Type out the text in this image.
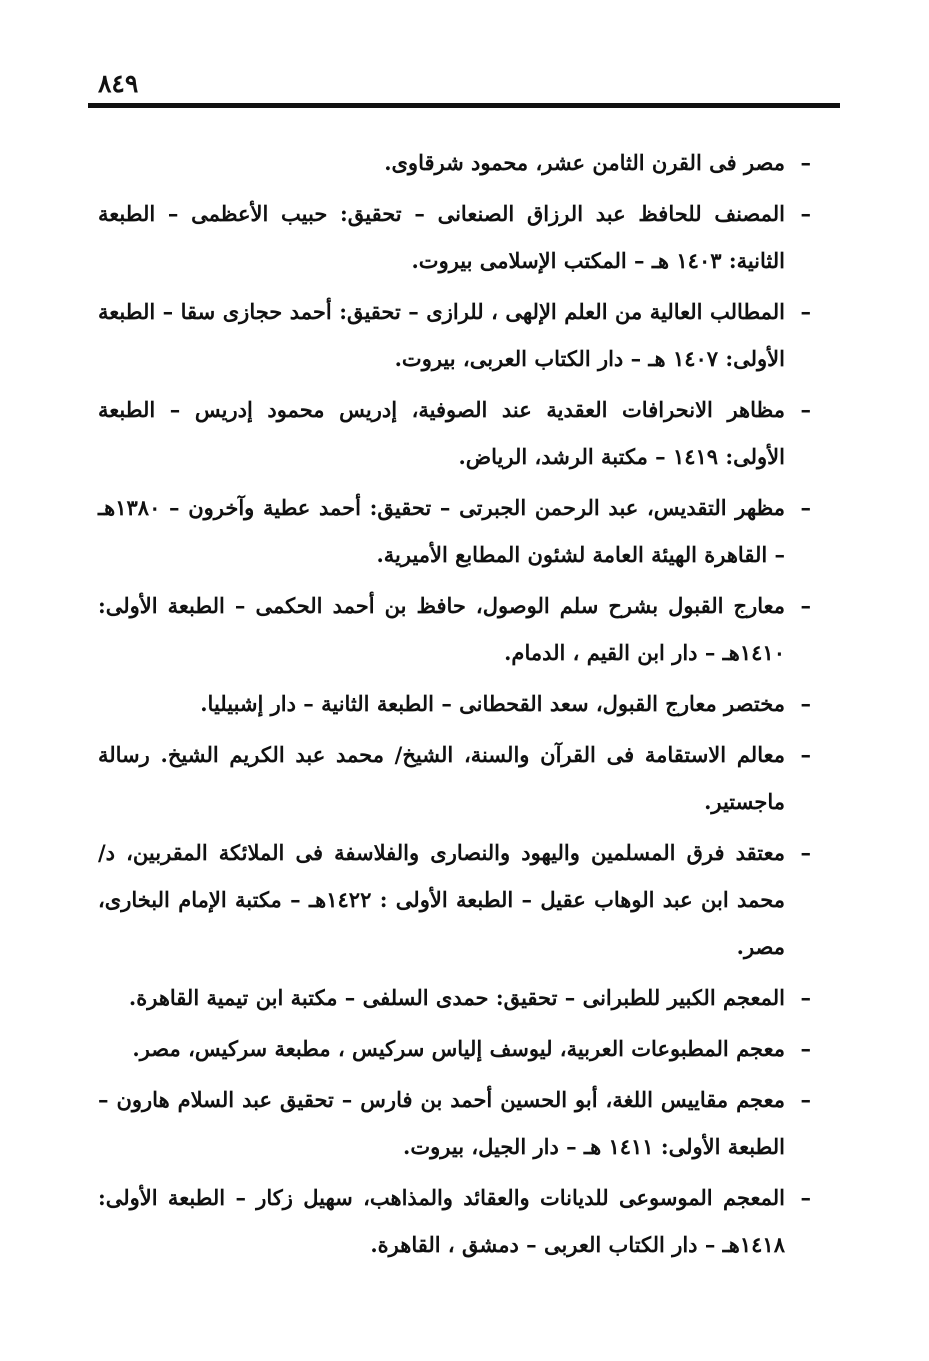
٨٤٩
–
مصر فى القرن الثامن عشر، محمود شرقاوى.
–
المصنف للحافظ عبد الرزاق الصنعانى – تحقيق: حبيب الأعظمى – الطبعة الثانية: ١٤٠٣ هـ – المكتب الإسلامى بيروت.
–
المطالب العالية من العلم الإلهى ، للرازى – تحقيق: أحمد حجازى سقا – الطبعة الأولى: ١٤٠٧ هـ – دار الكتاب العربى، بيروت.
–
مظاهر الانحرافات العقدية عند الصوفية، إدريس محمود إدريس – الطبعة الأولى: ١٤١٩ – مكتبة الرشد، الرياض.
–
مظهر التقديس، عبد الرحمن الجبرتى – تحقيق: أحمد عطية وآخرون – ١٣٨٠هـ – القاهرة الهيئة العامة لشئون المطابع الأميرية.
–
معارج القبول بشرح سلم الوصول، حافظ بن أحمد الحكمى – الطبعة الأولى: ١٤١٠هـ – دار ابن القيم ، الدمام.
–
مختصر معارج القبول، سعد القحطانى – الطبعة الثانية – دار إشبيليا.
–
معالم الاستقامة فى القرآن والسنة، الشيخ/ محمد عبد الكريم الشيخ. رسالة ماجستير.
–
معتقد فرق المسلمين واليهود والنصارى والفلاسفة فى الملائكة المقربين، د/ محمد ابن عبد الوهاب عقيل – الطبعة الأولى : ١٤٢٢هـ – مكتبة الإمام البخارى، مصر.
–
المعجم الكبير للطبرانى – تحقيق: حمدى السلفى – مكتبة ابن تيمية القاهرة.
–
معجم المطبوعات العربية، ليوسف إلياس سركيس ، مطبعة سركيس، مصر.
–
معجم مقاييس اللغة، أبو الحسين أحمد بن فارس – تحقيق عبد السلام هارون – الطبعة الأولى: ١٤١١ هـ – دار الجيل، بيروت.
–
المعجم الموسوعى للديانات والعقائد والمذاهب، سهيل زكار – الطبعة الأولى: ١٤١٨هـ – دار الكتاب العربى – دمشق ، القاهرة.
